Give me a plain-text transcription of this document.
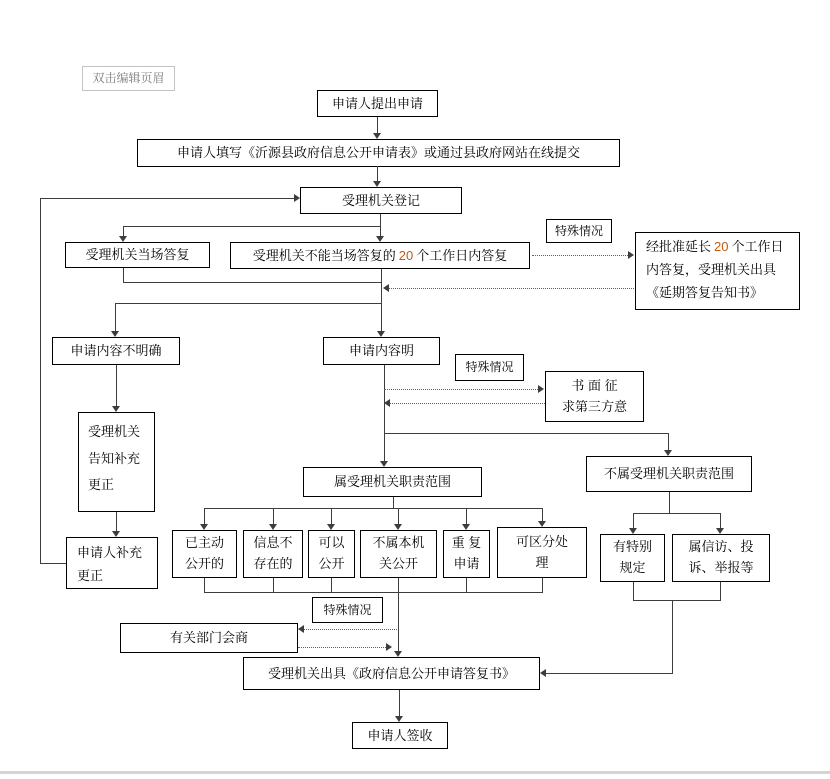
双击编辑页眉
申请人提出申请
申请人填写《沂源县政府信息公开申请表》或通过县政府网站在线提交
受理机关登记
受理机关当场答复	受理机关不能当场答复的 20 个工作日内答复
特殊情况
经批准延长 20 个工作日内答复，受理机关出具《延期答复告知书》
申请内容不明确	申请内容明
特殊情况
书 面 征
求第三方意
受理机关告知补充更正	属受理机关职责范围
不属受理机关职责范围
申请人补充更正
已主动
公开的
信息不
存在的
可以
公开
不属本机
关公开
重 复
申请
可区分处
理
有特别
规定
属信访、投
诉、举报等
特殊情况
有关部门会商
受理机关出具《政府信息公开申请答复书》
申请人签收
